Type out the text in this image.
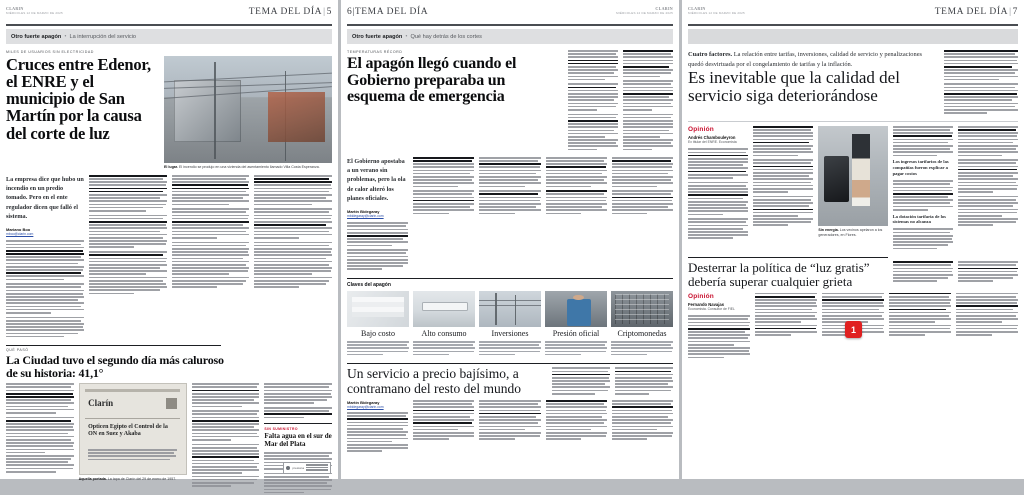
CLARIN
MIÉRCOLES 12 DE MARZO DE 2025	TEMA DEL DÍA|5
Otro fuerte apagón • La interrupción del servicio
MILES DE USUARIOS SIN ELECTRICIDAD
Cruces entre Edenor, el ENRE y el municipio de San Martín por la causa del corte de luz
El lugar. El incendio se produjo en una vivienda del asentamiento llamado Villa Costa Esperanza.
La empresa dice que hubo un incendio en un predio tomado. Pero en el ente regulador dicen que falló el sistema.
Mariano Boo
mboo@clarin.com
QUÉ PASÓ
La Ciudad tuvo el segundo día más caluroso de su historia: 41,1°
Clarín
Opticen Egipto el Control de la ON en Suez y Akaba
Aquella portada. La tapa de Clarín del 29 de enero de 1957.
SIN SUMINISTRO
Falta agua en el sur de Mar del Plata
presiona
6|TEMA DEL DÍA	CLARIN
MIÉRCOLES 12 DE MARZO DE 2025
Otro fuerte apagón • Qué hay detrás de los cortes
TEMPERATURAS RÉCORD
El apagón llegó cuando el Gobierno preparaba un esquema de emergencia
El Gobierno apostaba a un verano sin problemas, pero la ola de calor alteró los planes oficiales.
Martín Bidegaray
mbidegaray@clarin.com
Claves del apagón
Bajo costo	Alto consumo	Inversiones	Presión oficial	Criptomonedas
Un servicio a precio bajísimo, a contramano del resto del mundo
Martín Bidegaray
mbidegaray@clarin.com
CLARIN
MIÉRCOLES 12 DE MARZO DE 2025	TEMA DEL DÍA|7
Cuatro factores. La relación entre tarifas, inversiones, calidad de servicio y penalizaciones quedó desvirtuada por el congelamiento de tarifas y la inflación.
Es inevitable que la calidad del servicio siga deteriorándose
Opinión
Andrés Chambouleyron
Ex titular del ENRE. Economista
Sin energía. Los vecinos apelaron a los generadores, en Flores.
Los ingresos tarifarios de las compañías fueron explicar a pagar costos
La dotación tarifaria de los sistemas no alcanza
Desterrar la política de “luz gratis” debería superar cualquier grieta
Opinión
Fernando Navajas
Economista. Consultor de FIEL
1
